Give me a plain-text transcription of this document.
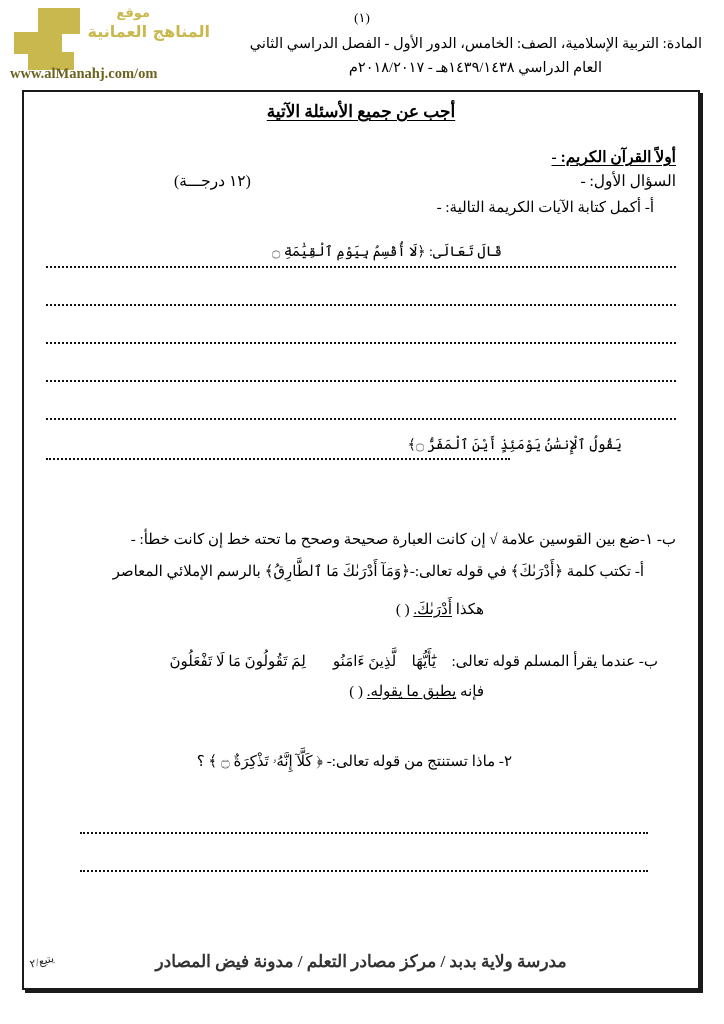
موقع
المناهج العمانية
www.alManahj.com/om
(١)
المادة: التربية الإسلامية، الصف: الخامس، الدور الأول - الفصل الدراسي الثاني
العام الدراسي ١٤٣٩/١٤٣٨هـ - ٢٠١٨/٢٠١٧م
أجب عن جميع الأسئلة الآتية
أولاً القرآن الكريم: -
السؤال الأول: -
(١٢ درجـــة)
أ- أكمل كتابة الآيات الكريمة التالية: -
قَالَ تَعَالَى: ﴿لَا أُقْسِمُ بِيَوْمِ ٱلْقِيَٰمَةِ ۝
يَقُولُ ٱلْإِنسَٰنُ يَوْمَئِذٍ أَيْنَ ٱلْمَفَرُّ ۝﴾
ب- ١-ضع بين القوسين علامة √ إن كانت العبارة صحيحة وصحح ما تحته خط إن كانت خطأ: -
أ- تكتب كلمة ﴿أَدْرَىٰكَ﴾ في قوله تعالى:-﴿وَمَآ أَدْرَىٰكَ مَا ٱلطَّارِقُ﴾ بالرسم الإملائي المعاصر
هكذا أَدْرَىٰكَ. ( )
ب- عندما يقرأ المسلم قوله تعالى: ﴿يَٰٓأَيُّهَا ٱلَّذِينَ ءَامَنُوا۟ لِمَ تَقُولُونَ مَا لَا تَفْعَلُونَ ﴾
فإنه يطبق ما يقوله. ( )
٢- ماذا تستنتج من قوله تعالى:- ﴿ كَلَّآ إِنَّهُۥ تَذْكِرَةٌ ۝ ﴾ ؟
مدرسة ولاية بدبد / مركز مصادر التعلم / مدونة فيض المصادر
يتبع/٢
